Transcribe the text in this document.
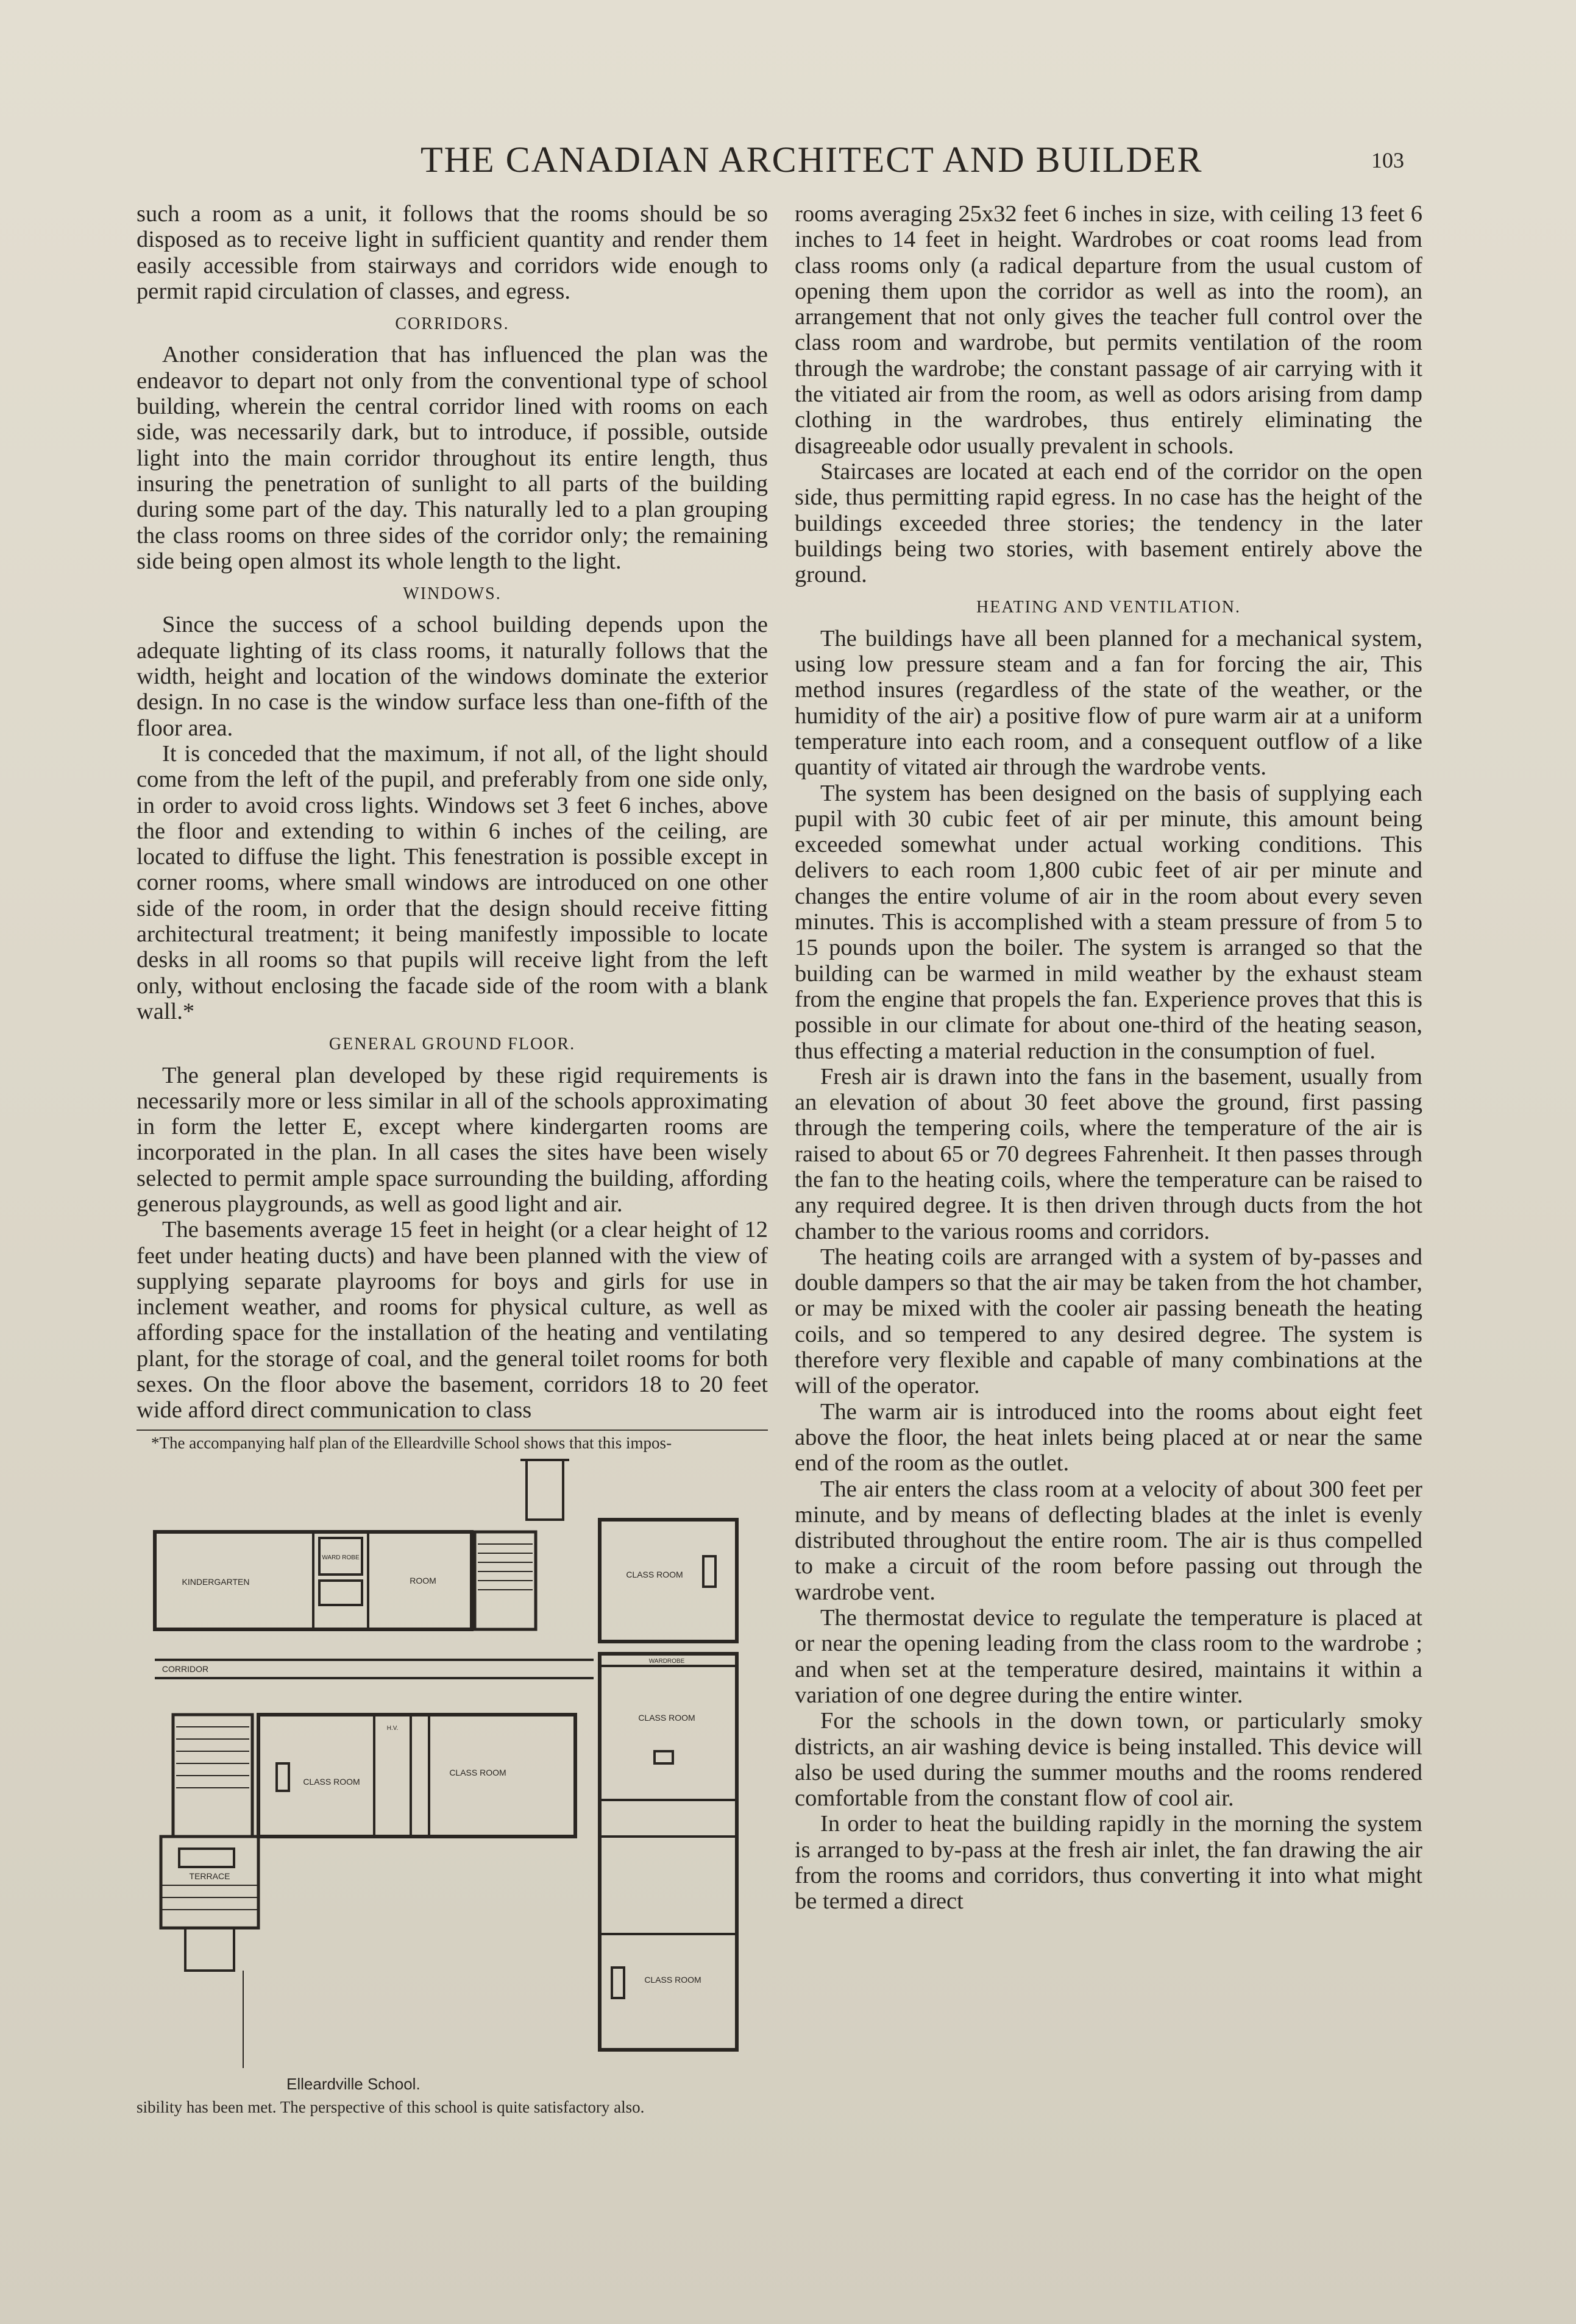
THE CANADIAN ARCHITECT AND BUILDER	103

such a room as a unit, it follows that the rooms should be so disposed as to receive light in sufficient quantity and render them easily accessible from stairways and corridors wide enough to permit rapid circulation of classes, and egress.

CORRIDORS.

Another consideration that has influenced the plan was the endeavor to depart not only from the conventional type of school building, wherein the central corridor lined with rooms on each side, was necessarily dark, but to introduce, if possible, outside light into the main corridor throughout its entire length, thus insuring the penetration of sunlight to all parts of the building during some part of the day. This naturally led to a plan grouping the class rooms on three sides of the corridor only; the remaining side being open almost its whole length to the light.

WINDOWS.

Since the success of a school building depends upon the adequate lighting of its class rooms, it naturally follows that the width, height and location of the windows dominate the exterior design. In no case is the window surface less than one-fifth of the floor area.

It is conceded that the maximum, if not all, of the light should come from the left of the pupil, and preferably from one side only, in order to avoid cross lights. Windows set 3 feet 6 inches, above the floor and extending to within 6 inches of the ceiling, are located to diffuse the light. This fenestration is possible except in corner rooms, where small windows are introduced on one other side of the room, in order that the design should receive fitting architectural treatment; it being manifestly impossible to locate desks in all rooms so that pupils will receive light from the left only, without enclosing the facade side of the room with a blank wall.*

GENERAL GROUND FLOOR.

The general plan developed by these rigid requirements is necessarily more or less similar in all of the schools approximating in form the letter E, except where kindergarten rooms are incorporated in the plan. In all cases the sites have been wisely selected to permit ample space surrounding the building, affording generous playgrounds, as well as good light and air.

The basements average 15 feet in height (or a clear height of 12 feet under heating ducts) and have been planned with the view of supplying separate playrooms for boys and girls for use in inclement weather, and rooms for physical culture, as well as affording space for the installation of the heating and ventilating plant, for the storage of coal, and the general toilet rooms for both sexes. On the floor above the basement, corridors 18 to 20 feet wide afford direct communication to class

*The accompanying half plan of the Elleardville School shows that this impos-
KINDERGARTEN	ROOM
WARD ROBE
CLASS ROOM
CORRIDOR
CLASS ROOM
CLASS ROOM
CLASS ROOM
CLASS ROOM
TERRACE
WARDROBE
H.V.
Elleardville School.
sibility has been met. The perspective of this school is quite satisfactory also.

rooms averaging 25x32 feet 6 inches in size, with ceiling 13 feet 6 inches to 14 feet in height. Wardrobes or coat rooms lead from class rooms only (a radical departure from the usual custom of opening them upon the corridor as well as into the room), an arrangement that not only gives the teacher full control over the class room and wardrobe, but permits ventilation of the room through the wardrobe; the constant passage of air carrying with it the vitiated air from the room, as well as odors arising from damp clothing in the wardrobes, thus entirely eliminating the disagreeable odor usually prevalent in schools.

Staircases are located at each end of the corridor on the open side, thus permitting rapid egress. In no case has the height of the buildings exceeded three stories; the tendency in the later buildings being two stories, with basement entirely above the ground.

HEATING AND VENTILATION.

The buildings have all been planned for a mechanical system, using low pressure steam and a fan for forcing the air, This method insures (regardless of the state of the weather, or the humidity of the air) a positive flow of pure warm air at a uniform temperature into each room, and a consequent outflow of a like quantity of vitated air through the wardrobe vents.

The system has been designed on the basis of supplying each pupil with 30 cubic feet of air per minute, this amount being exceeded somewhat under actual working conditions. This delivers to each room 1,800 cubic feet of air per minute and changes the entire volume of air in the room about every seven minutes. This is accomplished with a steam pressure of from 5 to 15 pounds upon the boiler. The system is arranged so that the building can be warmed in mild weather by the exhaust steam from the engine that propels the fan. Experience proves that this is possible in our climate for about one-third of the heating season, thus effecting a material reduction in the consumption of fuel.

Fresh air is drawn into the fans in the basement, usually from an elevation of about 30 feet above the ground, first passing through the tempering coils, where the temperature of the air is raised to about 65 or 70 degrees Fahrenheit. It then passes through the fan to the heating coils, where the temperature can be raised to any required degree. It is then driven through ducts from the hot chamber to the various rooms and corridors.

The heating coils are arranged with a system of by-passes and double dampers so that the air may be taken from the hot chamber, or may be mixed with the cooler air passing beneath the heating coils, and so tempered to any desired degree. The system is therefore very flexible and capable of many combinations at the will of the operator.

The warm air is introduced into the rooms about eight feet above the floor, the heat inlets being placed at or near the same end of the room as the outlet.

The air enters the class room at a velocity of about 300 feet per minute, and by means of deflecting blades at the inlet is evenly distributed throughout the entire room. The air is thus compelled to make a circuit of the room before passing out through the wardrobe vent.

The thermostat device to regulate the temperature is placed at or near the opening leading from the class room to the wardrobe ; and when set at the temperature desired, maintains it within a variation of one degree during the entire winter.

For the schools in the down town, or particularly smoky districts, an air washing device is being installed. This device will also be used during the summer mouths and the rooms rendered comfortable from the constant flow of cool air.

In order to heat the building rapidly in the morning the system is arranged to by-pass at the fresh air inlet, the fan drawing the air from the rooms and corridors, thus converting it into what might be termed a direct
